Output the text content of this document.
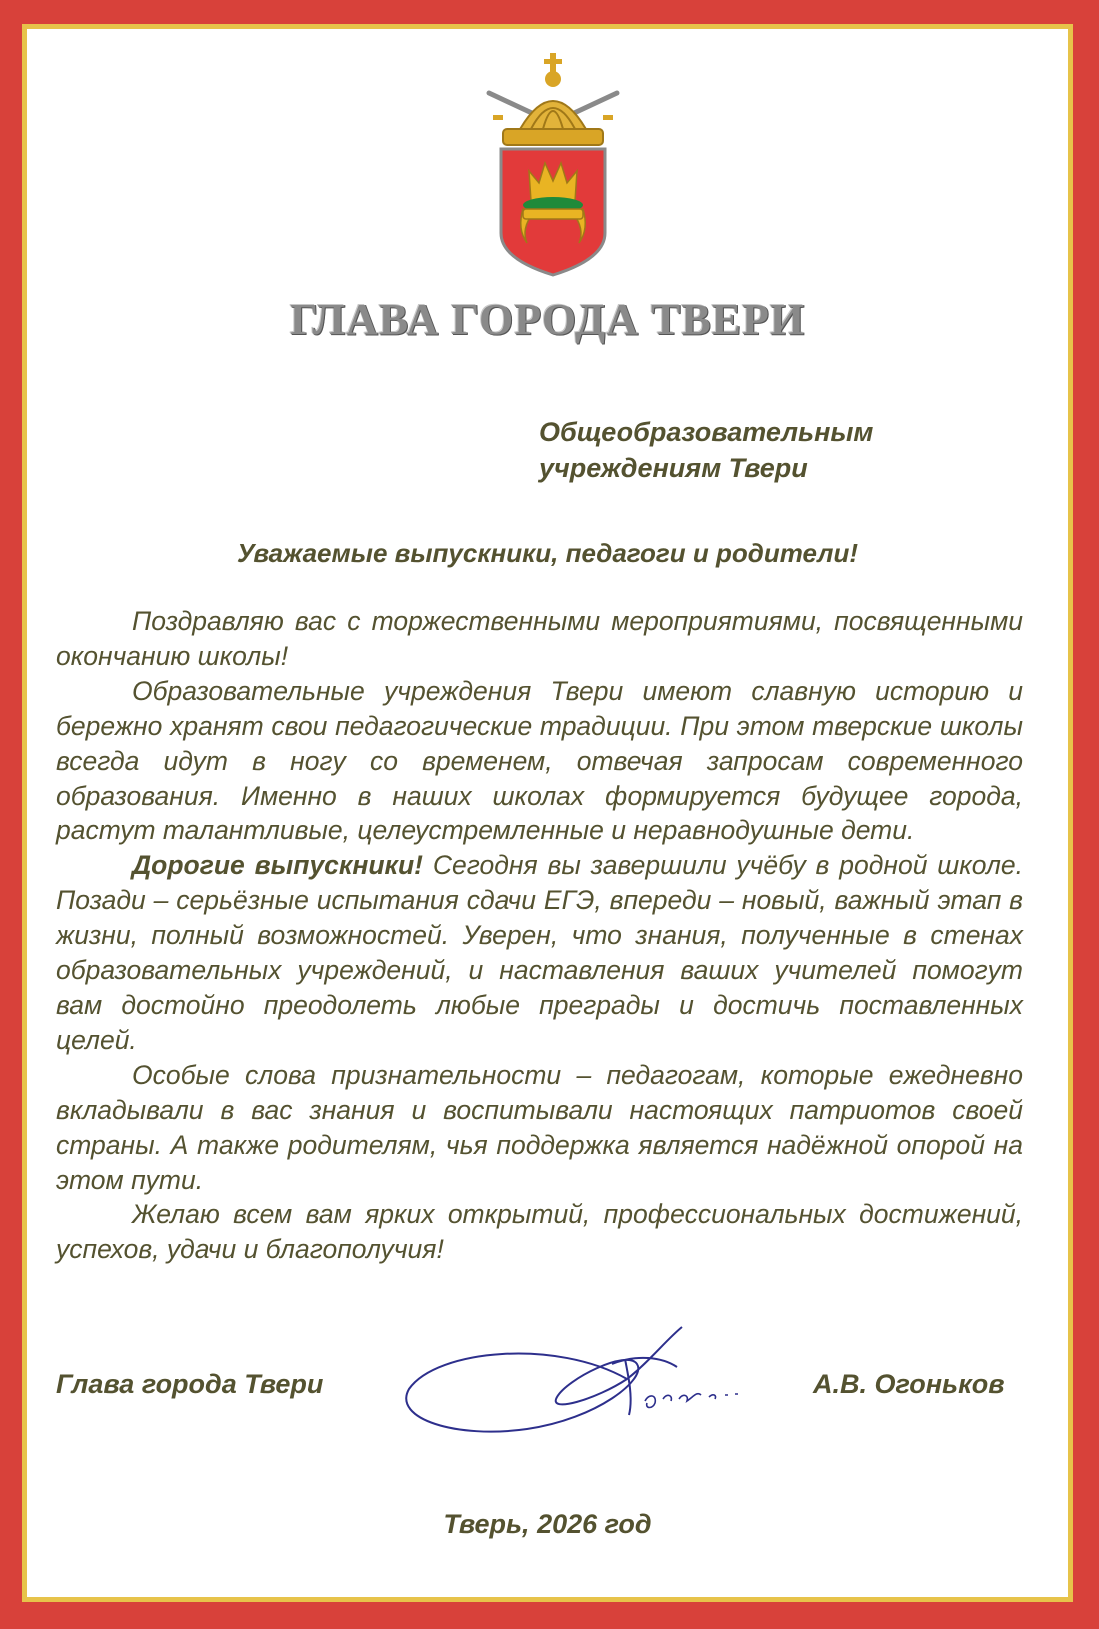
ГЛАВА ГОРОДА ТВЕРИ
Общеобразовательным
учреждениям Твери
Уважаемые выпускники, педагоги и родители!

Поздравляю вас с торжественными мероприятиями, посвященными окончанию школы!

Образовательные учреждения Твери имеют славную историю и бережно хранят свои педагогические традиции. При этом тверские школы всегда идут в ногу со временем, отвечая запросам современного образования. Именно в наших школах формируется будущее города, растут талантливые, целеустремленные и неравнодушные дети.

Дорогие выпускники! Сегодня вы завершили учёбу в родной школе. Позади – серьёзные испытания сдачи ЕГЭ, впереди – новый, важный этап в жизни, полный возможностей. Уверен, что знания, полученные в стенах образовательных учреждений, и наставления ваших учителей помогут вам достойно преодолеть любые преграды и достичь поставленных целей.

Особые слова признательности – педагогам, которые ежедневно вкладывали в вас знания и воспитывали настоящих патриотов своей страны. А также родителям, чья поддержка является надёжной опорой на этом пути.

Желаю всем вам ярких открытий, профессиональных достижений, успехов, удачи и благополучия!

Глава города Твери	А.В. Огоньков
Тверь, 2026 год
